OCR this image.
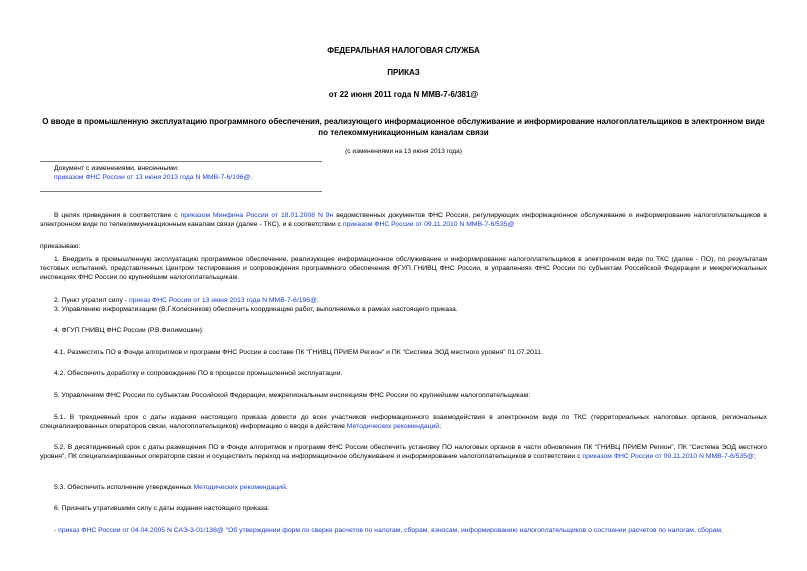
ФЕДЕРАЛЬНАЯ НАЛОГОВАЯ СЛУЖБА
ПРИКАЗ
от 22 июня 2011 года N ММВ-7-6/381@
О вводе в промышленную эксплуатацию программного обеспечения, реализующего информационное обслуживание и информирование налогоплательщиков в электронном виде по телекоммуникационным каналам связи
(с изменениями на 13 июня 2013 года)
Документ с изменениями, внесенными:
приказом ФНС России от 13 июня 2013 года N ММВ-7-6/196@.
В целях приведения в соответствие с приказом Минфина России от 18.01.2008 N 9н ведомственных документов ФНС России, регулирующих информационное обслуживание и информирование налогоплательщиков в электронном виде по телекоммуникационным каналам связи (далее - ТКС), и в соответствии с приказом ФНС России от 09.11.2010 N ММВ-7-6/535@
приказываю:
1. Внедрить в промышленную эксплуатацию программное обеспечение, реализующее информационное обслуживание и информирование налогоплательщиков в электронном виде по ТКС (далее - ПО), по результатам тестовых испытаний, представленных Центром тестирования и сопровождения программного обеспечения ФГУП ГНИВЦ ФНС России, в управлениях ФНС России по субъектам Российской Федерации и межрегиональных инспекциях ФНС России по крупнейшим налогоплательщикам.
2. Пункт утратил силу - приказ ФНС России от 13 июня 2013 года N ММВ-7-6/196@.
3. Управлению информатизации (В.Г.Колесников) обеспечить координацию работ, выполняемых в рамках настоящего приказа.
4. ФГУП ГНИВЦ ФНС России (Р.В.Филимошин):
4.1. Разместить ПО в Фонде алгоритмов и программ ФНС России в составе ПК "ГНИВЦ ПРИЕМ Регион" и ПК "Система ЭОД местного уровня" 01.07.2011.
4.2. Обеспечить доработку и сопровождение ПО в процессе промышленной эксплуатации.
5. Управлениям ФНС России по субъектам Российской Федерации, межрегиональным инспекциям ФНС России по крупнейшим налогоплательщикам:
5.1. В трехдневный срок с даты издания настоящего приказа довести до всех участников информационного взаимодействия в электронном виде по ТКС (территориальных налоговых органов, региональных специализированных операторов связи, налогоплательщиков) информацию о вводе в действие Методических рекомендаций;
5.2. В десятидневный срок с даты размещения ПО в Фонде алгоритмов и программ ФНС России обеспечить установку ПО налоговых органов в части обновления ПК "ГНИВЦ ПРИЕМ Регион", ПК "Система ЭОД местного уровня", ПК специализированных операторов связи и осуществить переход на информационное обслуживание и информирование налогоплательщиков в соответствии с приказом ФНС России от 09.11.2010 N ММВ-7-6/535@;
5.3. Обеспечить исполнение утвержденных Методических рекомендаций.
6. Признать утратившими силу с даты издания настоящего приказа:
- приказ ФНС России от 04.04.2005 N САЭ-3-01/138@ "Об утверждении форм по сверке расчетов по налогам, сборам, взносам, информированию налогоплательщиков о состоянии расчетов по налогам, сборам,
